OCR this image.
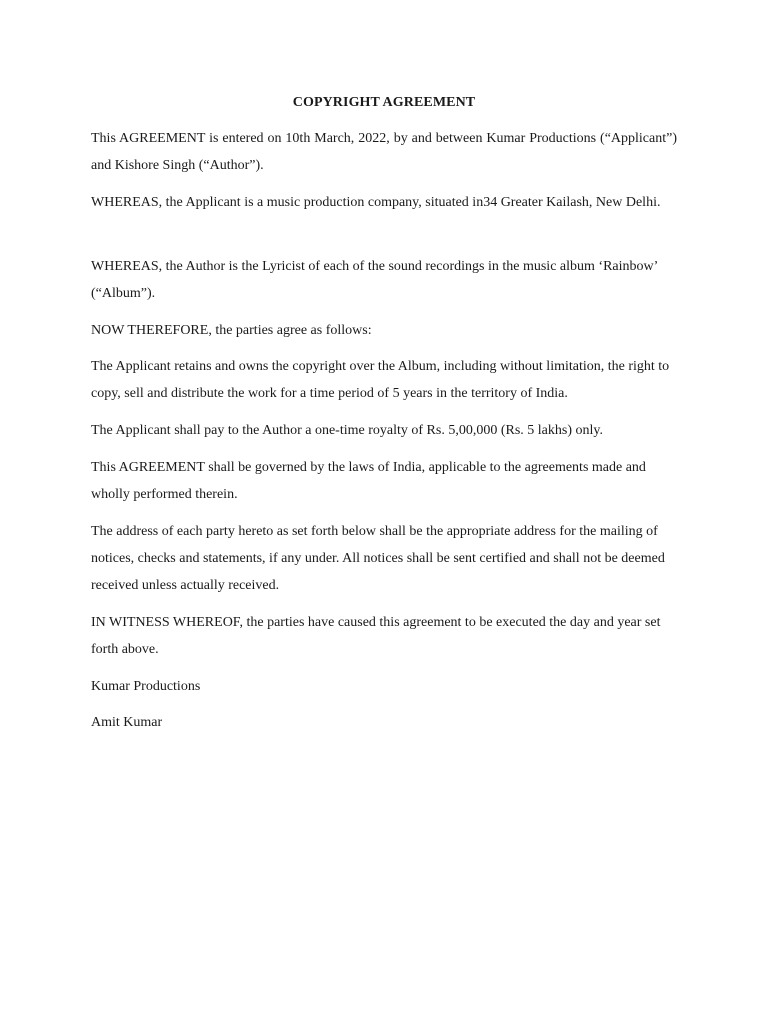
COPYRIGHT AGREEMENT

This AGREEMENT is entered on 10th March, 2022, by and between Kumar Productions (“Applicant”) and Kishore Singh (“Author”).

WHEREAS, the Applicant is a music production company, situated in34 Greater Kailash, New Delhi.

WHEREAS, the Author is the Lyricist of each of the sound recordings in the music album ‘Rainbow’ (“Album”).

NOW THEREFORE, the parties agree as follows:

The Applicant retains and owns the copyright over the Album, including without limitation, the right to copy, sell and distribute the work for a time period of 5 years in the territory of India.

The Applicant shall pay to the Author a one-time royalty of Rs. 5,00,000 (Rs. 5 lakhs) only.

This AGREEMENT shall be governed by the laws of India, applicable to the agreements made and wholly performed therein.

The address of each party hereto as set forth below shall be the appropriate address for the mailing of notices, checks and statements, if any under. All notices shall be sent certified and shall not be deemed received unless actually received.

IN WITNESS WHEREOF, the parties have caused this agreement to be executed the day and year set forth above.

Kumar Productions

Amit Kumar
